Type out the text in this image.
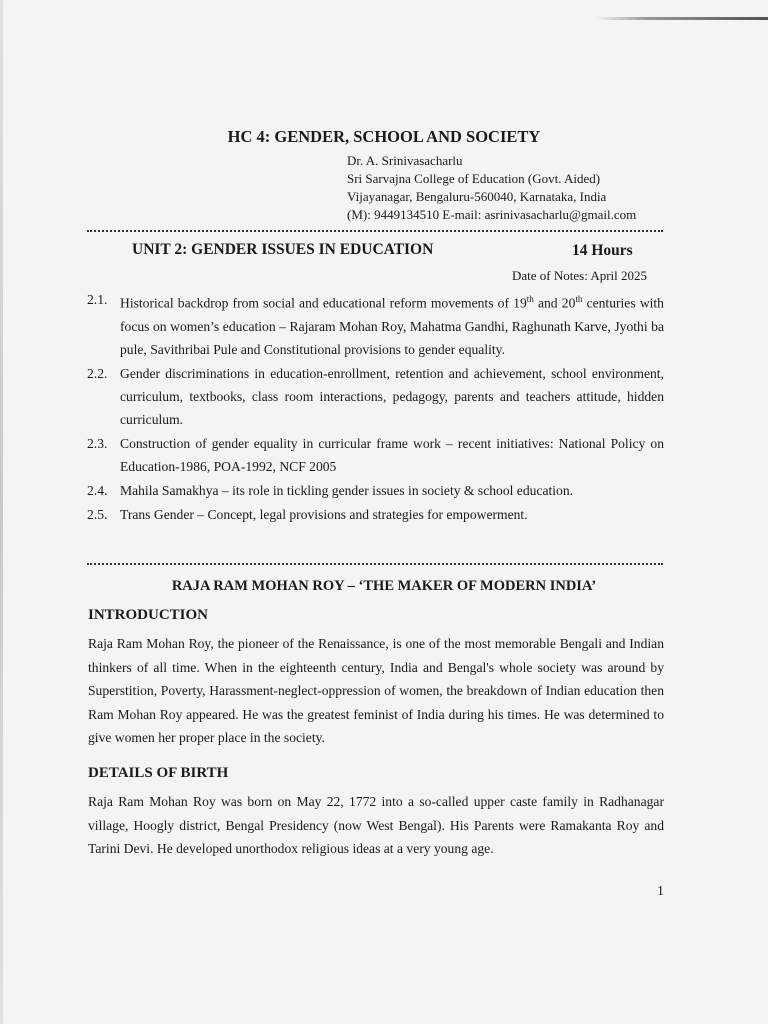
HC 4: GENDER, SCHOOL AND SOCIETY
Dr. A. Srinivasacharlu
Sri Sarvajna College of Education (Govt. Aided)
Vijayanagar, Bengaluru-560040, Karnataka, India
(M): 9449134510 E-mail: asrinivasacharlu@gmail.com
UNIT 2: GENDER ISSUES IN EDUCATION	14 Hours
Date of Notes: April 2025
2.1. Historical backdrop from social and educational reform movements of 19th and 20th centuries with focus on women’s education – Rajaram Mohan Roy, Mahatma Gandhi, Raghunath Karve, Jyothi ba pule, Savithribai Pule and Constitutional provisions to gender equality.
2.2. Gender discriminations in education-enrollment, retention and achievement, school environment, curriculum, textbooks, class room interactions, pedagogy, parents and teachers attitude, hidden curriculum.
2.3. Construction of gender equality in curricular frame work – recent initiatives: National Policy on Education-1986, POA-1992, NCF 2005
2.4. Mahila Samakhya – its role in tickling gender issues in society & school education.
2.5. Trans Gender – Concept, legal provisions and strategies for empowerment.
RAJA RAM MOHAN ROY – ‘THE MAKER OF MODERN INDIA’
INTRODUCTION
Raja Ram Mohan Roy, the pioneer of the Renaissance, is one of the most memorable Bengali and Indian thinkers of all time. When in the eighteenth century, India and Bengal's whole society was around by Superstition, Poverty, Harassment-neglect-oppression of women, the breakdown of Indian education then Ram Mohan Roy appeared. He was the greatest feminist of India during his times. He was determined to give women her proper place in the society.
DETAILS OF BIRTH
Raja Ram Mohan Roy was born on May 22, 1772 into a so-called upper caste family in Radhanagar village, Hoogly district, Bengal Presidency (now West Bengal). His Parents were Ramakanta Roy and Tarini Devi. He developed unorthodox religious ideas at a very young age.
1
